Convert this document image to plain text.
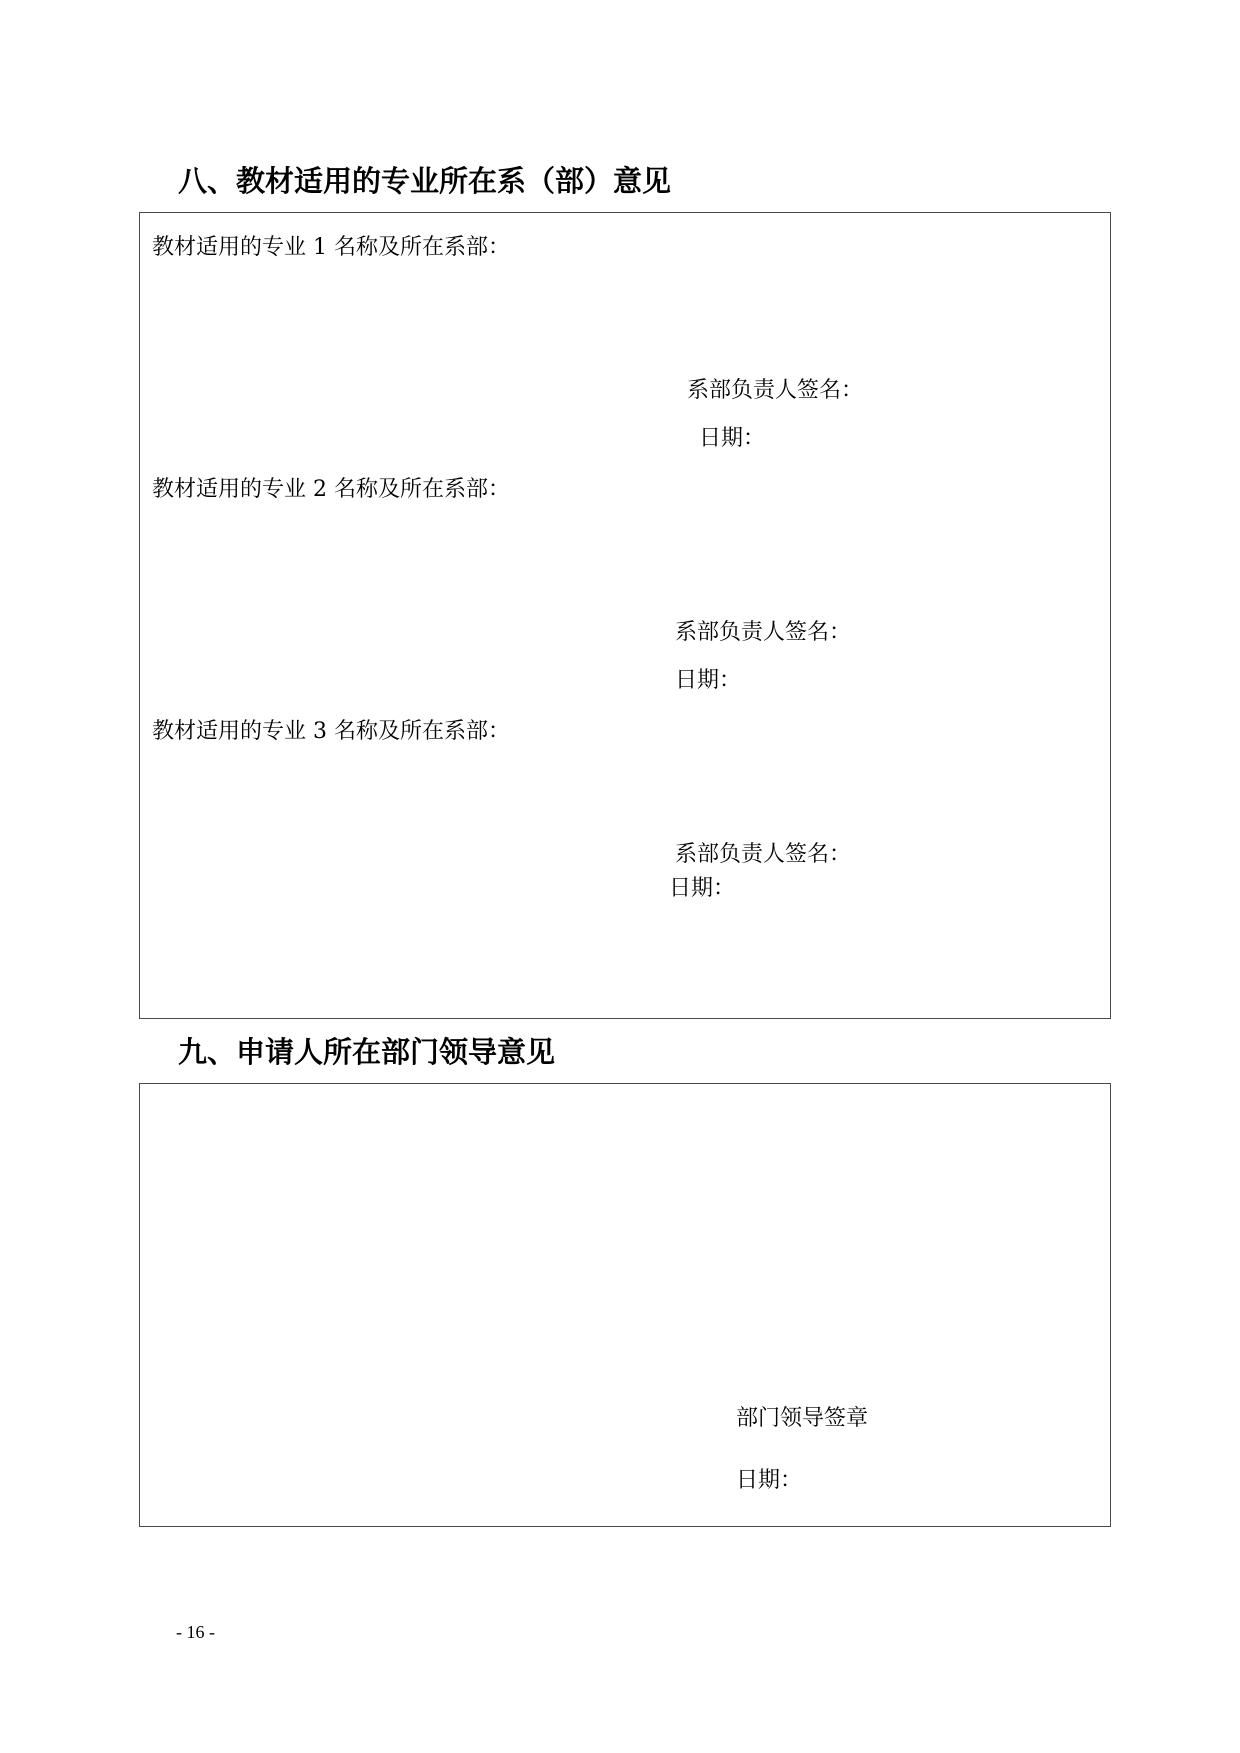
八、教材适用的专业所在系（部）意见

教材适用的专业 1 名称及所在系部：

系部负责人签名：

日期：

教材适用的专业 2 名称及所在系部：

系部负责人签名：

日期：

教材适用的专业 3 名称及所在系部：

系部负责人签名：

日期：

九、申请人所在部门领导意见

部门领导签章

日期：

- 16 -
